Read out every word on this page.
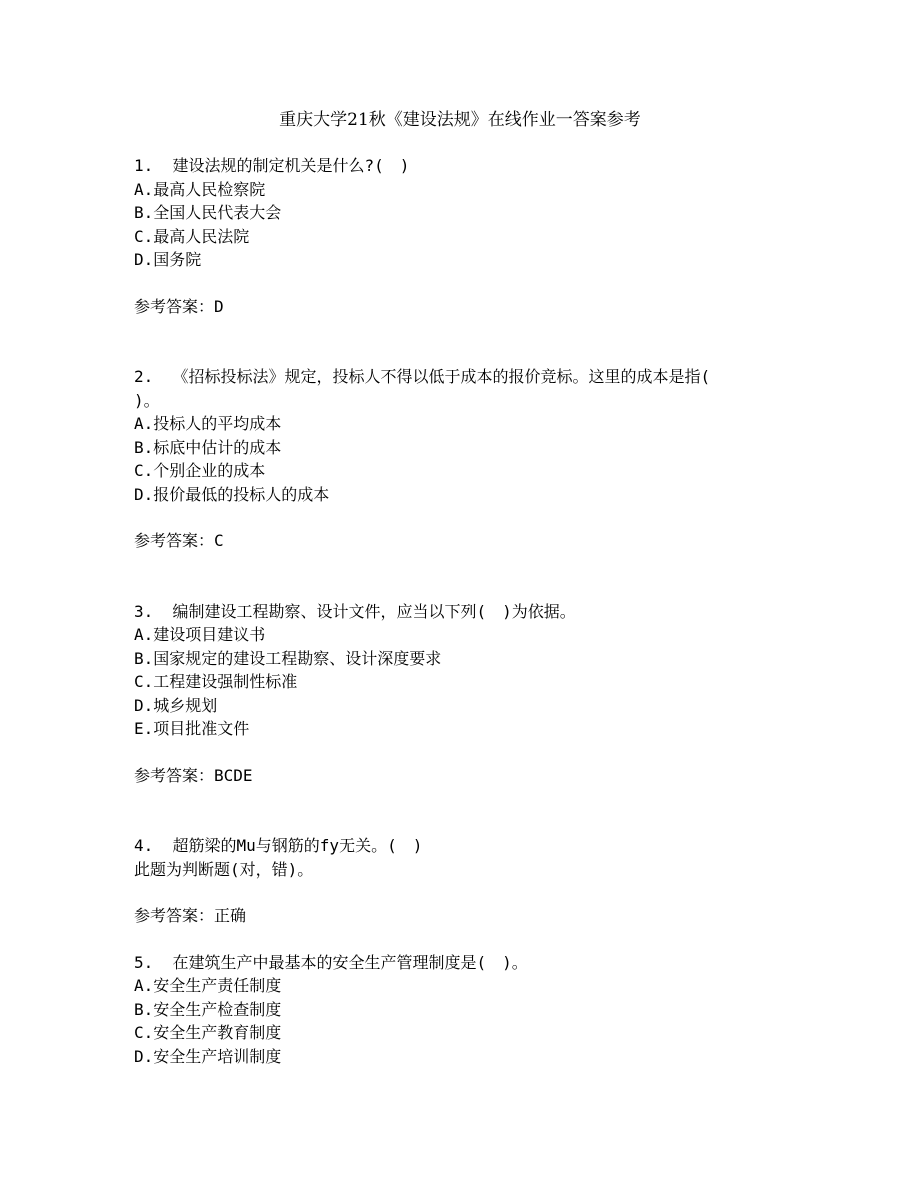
重庆大学21秋《建设法规》在线作业一答案参考

1. 建设法规的制定机关是什么?(　)

A.最高人民检察院

B.全国人民代表大会

C.最高人民法院

D.国务院

参考答案：D

2. 《招标投标法》规定，投标人不得以低于成本的报价竞标。这里的成本是指(

)。

A.投标人的平均成本

B.标底中估计的成本

C.个别企业的成本

D.报价最低的投标人的成本

参考答案：C

3. 编制建设工程勘察、设计文件，应当以下列(　)为依据。

A.建设项目建议书

B.国家规定的建设工程勘察、设计深度要求

C.工程建设强制性标准

D.城乡规划

E.项目批准文件

参考答案：BCDE

4. 超筋梁的Mu与钢筋的fy无关。(　)

此题为判断题(对，错)。

参考答案：正确

5. 在建筑生产中最基本的安全生产管理制度是(　)。

A.安全生产责任制度

B.安全生产检查制度

C.安全生产教育制度

D.安全生产培训制度
